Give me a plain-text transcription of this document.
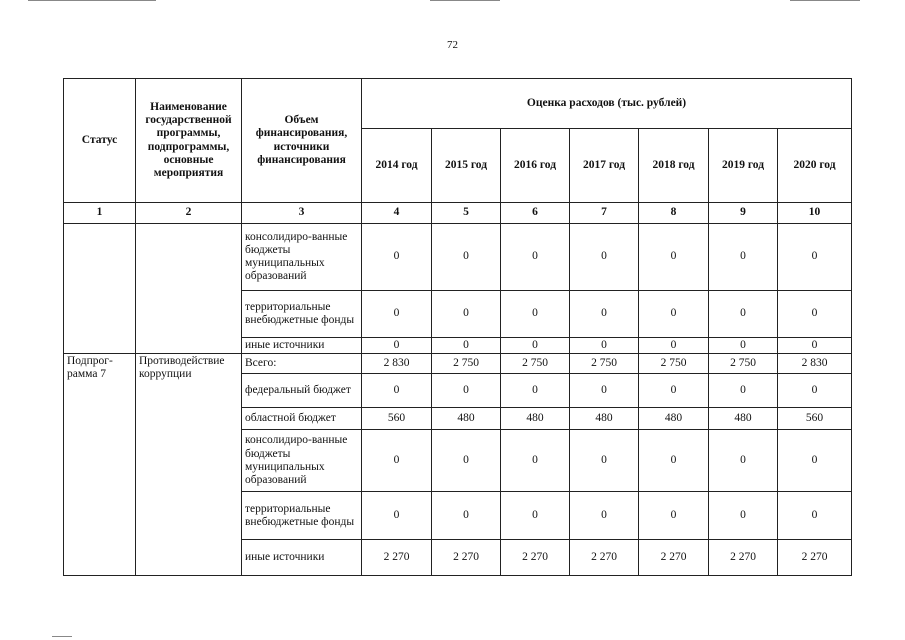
72
Статус	Наименование государственной программы, подпрограммы, основные мероприятия	Объем финансирования, источники финансирования	Оценка расходов (тыс. рублей)						
			2014 год	2015 год	2016 год	2017 год	2018 год	2019 год	2020 год
1	2	3	4	5	6	7	8	9	10
		консолидиро-ванные бюджеты муниципальных образований	0	0	0	0	0	0	0
		территориальные внебюджетные фонды	0	0	0	0	0	0	0
		иные источники	0	0	0	0	0	0	0
Подпрог-рамма 7	Противодействие коррупции	Всего:	2 830	2 750	2 750	2 750	2 750	2 750	2 830
		федеральный бюджет	0	0	0	0	0	0	0
		областной бюджет	560	480	480	480	480	480	560
		консолидиро-ванные бюджеты муниципальных образований	0	0	0	0	0	0	0
		территориальные внебюджетные фонды	0	0	0	0	0	0	0
		иные источники	2 270	2 270	2 270	2 270	2 270	2 270	2 270
